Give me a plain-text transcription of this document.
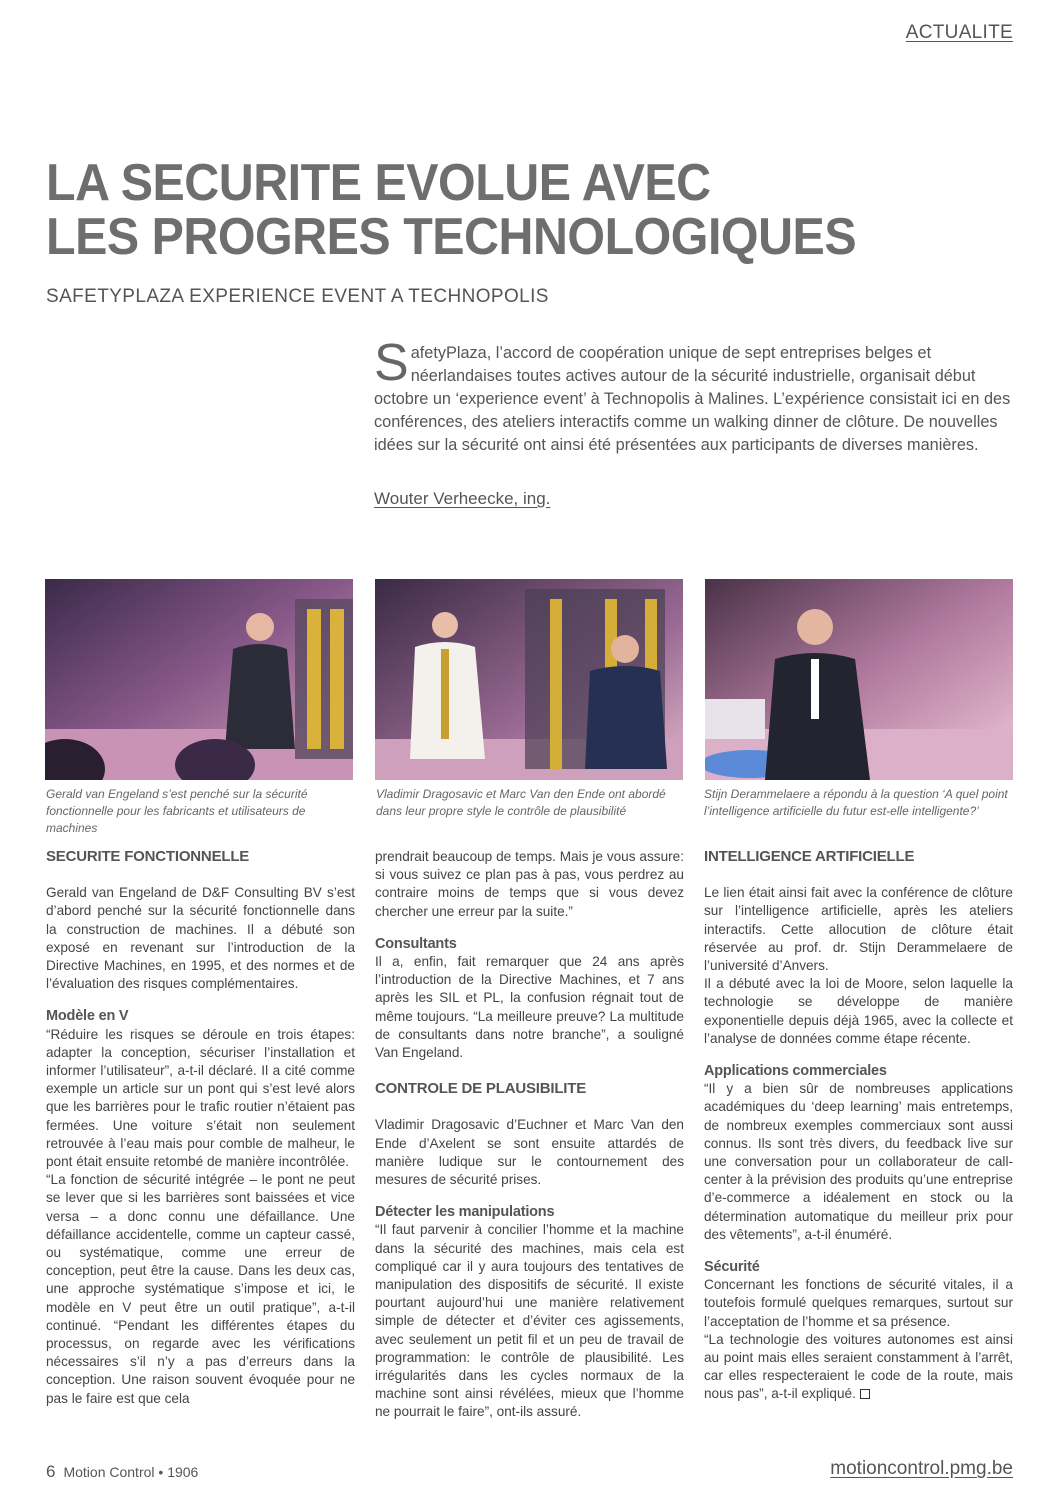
ACTUALITE
LA SECURITE EVOLUE AVEC
LES PROGRES TECHNOLOGIQUES
SAFETYPLAZA EXPERIENCE EVENT A TECHNOPOLIS
SafetyPlaza, l’accord de coopération unique de sept entreprises belges et néerlandaises toutes actives autour de la sécurité industrielle, organisait début octobre un ‘experience event’ à Technopolis à Malines. L’expérience consistait ici en des conférences, des ateliers interactifs comme un walking dinner de clôture. De nouvelles idées sur la sécurité ont ainsi été présentées aux participants de diverses manières.
Wouter Verheecke, ing.
Gerald van Engeland s’est penché sur la sécurité fonctionnelle pour les fabricants et utilisateurs de machines
Vladimir Dragosavic et Marc Van den Ende ont abordé dans leur propre style le contrôle de plausibilité
Stijn Derammelaere a répondu à la question ‘A quel point l’intelligence artificielle du futur est-elle intelligente?’
SECURITE FONCTIONNELLE

Gerald van Engeland de D&F Consulting BV s’est d’abord penché sur la sécurité fonctionnelle dans la construction de machines. Il a débuté son exposé en revenant sur l’introduction de la Directive Machines, en 1995, et des normes et de l’évaluation des risques complémentaires.

Modèle en V

“Réduire les risques se déroule en trois étapes: adapter la conception, sécuriser l’installation et informer l’utilisateur”, a-t-il déclaré. Il a cité comme exemple un article sur un pont qui s’est levé alors que les barrières pour le trafic routier n’étaient pas fermées. Une voiture s’était non seulement retrouvée à l’eau mais pour comble de malheur, le pont était ensuite retombé de manière incontrôlée.

“La fonction de sécurité intégrée – le pont ne peut se lever que si les barrières sont baissées et vice versa – a donc connu une défaillance. Une défaillance accidentelle, comme un capteur cassé, ou systématique, comme une erreur de conception, peut être la cause. Dans les deux cas, une approche systématique s’impose et ici, le modèle en V peut être un outil pratique”, a-t-il continué. “Pendant les différentes étapes du processus, on regarde avec les vérifications nécessaires s’il n’y a pas d’erreurs dans la conception. Une raison souvent évoquée pour ne pas le faire est que cela

prendrait beaucoup de temps. Mais je vous assure: si vous suivez ce plan pas à pas, vous perdrez au contraire moins de temps que si vous devez chercher une erreur par la suite.”

Consultants

Il a, enfin, fait remarquer que 24 ans après l’introduction de la Directive Machines, et 7 ans après les SIL et PL, la confusion régnait tout de même toujours. “La meilleure preuve? La multitude de consultants dans notre branche”, a souligné Van Engeland.

CONTROLE DE PLAUSIBILITE

Vladimir Dragosavic d’Euchner et Marc Van den Ende d’Axelent se sont ensuite attardés de manière ludique sur le contournement des mesures de sécurité prises.

Détecter les manipulations

“Il faut parvenir à concilier l’homme et la machine dans la sécurité des machines, mais cela est compliqué car il y aura toujours des tentatives de manipulation des dispositifs de sécurité. Il existe pourtant aujourd’hui une manière relativement simple de détecter et d’éviter ces agissements, avec seulement un petit fil et un peu de travail de programmation: le contrôle de plausibilité. Les irrégularités dans les cycles normaux de la machine sont ainsi révélées, mieux que l’homme ne pourrait le faire”, ont-ils assuré.

INTELLIGENCE ARTIFICIELLE

Le lien était ainsi fait avec la conférence de clôture sur l’intelligence artificielle, après les ateliers interactifs. Cette allocution de clôture était réservée au prof. dr. Stijn Derammelaere de l’université d’Anvers.

Il a débuté avec la loi de Moore, selon laquelle la technologie se développe de manière exponentielle depuis déjà 1965, avec la collecte et l’analyse de données comme étape récente.

Applications commerciales

“Il y a bien sûr de nombreuses applications académiques du ‘deep learning’ mais entretemps, de nombreux exemples commerciaux sont aussi connus. Ils sont très divers, du feedback live sur une conversation pour un collaborateur de call-center à la prévision des produits qu’une entreprise d’e-commerce a idéalement en stock ou la détermination automatique du meilleur prix pour des vêtements”, a-t-il énuméré.

Sécurité

Concernant les fonctions de sécurité vitales, il a toutefois formulé quelques remarques, surtout sur l’acceptation de l’homme et sa présence.

“La technologie des voitures autonomes est ainsi au point mais elles seraient constamment à l’arrêt, car elles respecteraient le code de la route, mais nous pas”, a-t-il expliqué.

6 Motion Control • 1906	motioncontrol.pmg.be
